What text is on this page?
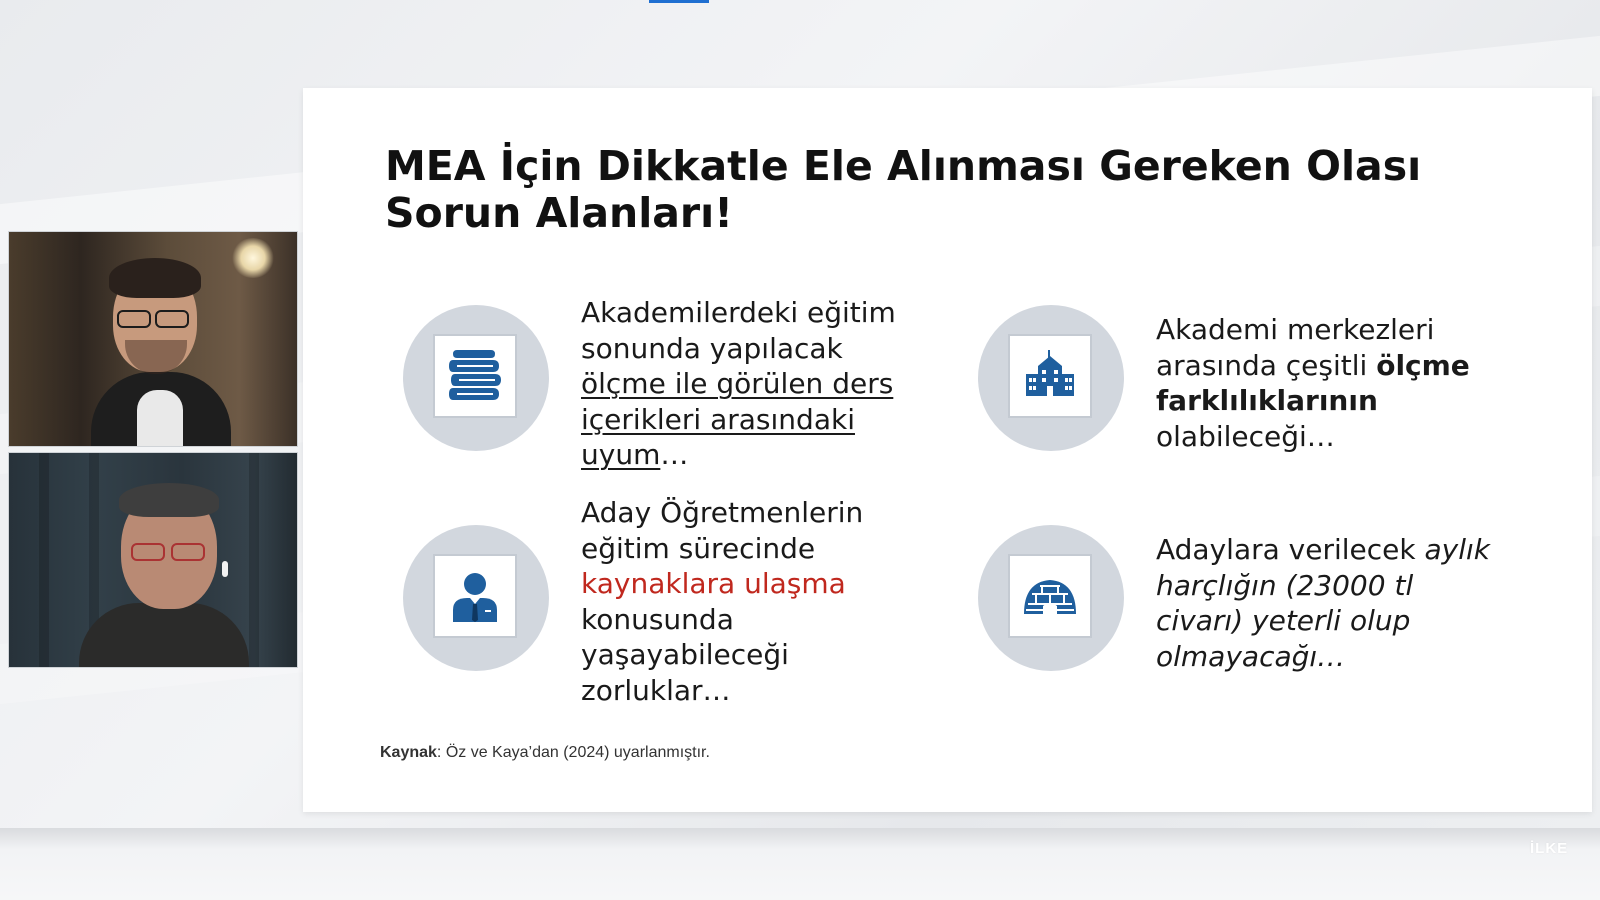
MEA İçin Dikkatle Ele Alınması Gereken Olası Sorun Alanları!
Akademilerdeki eğitim sonunda yapılacak ölçme ile görülen ders içerikleri arasındaki uyum…
Akademi merkezleri arasında çeşitli ölçme farklılıklarının olabileceği…
Aday Öğretmenlerin eğitim sürecinde kaynaklara ulaşma konusunda yaşayabileceği zorluklar…
Adaylara verilecek aylık harçlığın (23000 tl civarı) yeterli olup olmayacağı…
Kaynak: Öz ve Kaya’dan (2024) uyarlanmıştır.
İLKE
